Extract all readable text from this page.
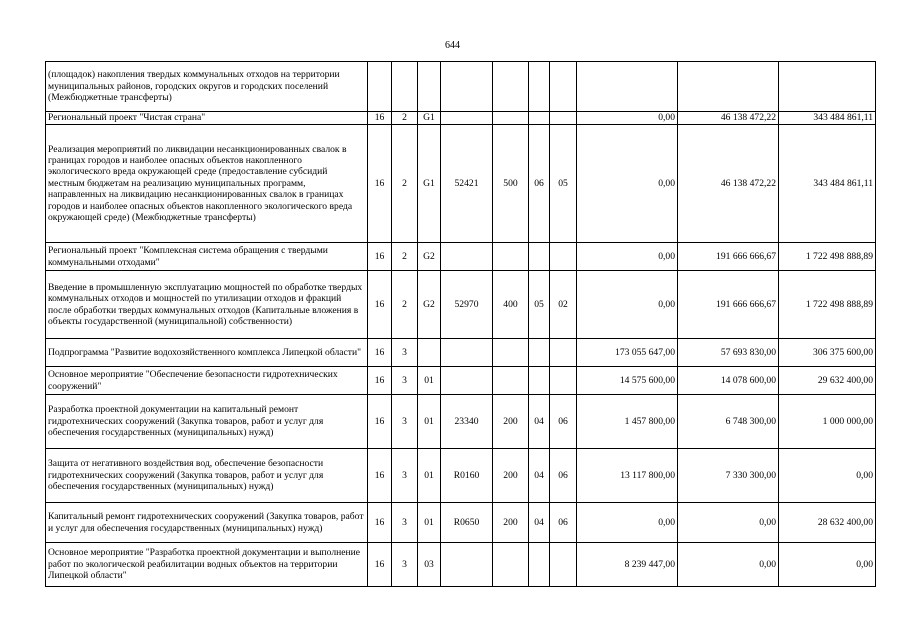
644
(площадок) накопления твердых коммунальных отходов на территории муниципальных районов, городских округов и городских поселений (Межбюджетные трансферты)										
Региональный проект "Чистая страна"	16	2	G1					0,00	46 138 472,22	343 484 861,11
Реализация мероприятий по ликвидации несанкционированных свалок в границах городов и наиболее опасных объектов накопленного экологического вреда окружающей среде (предоставление субсидий местным бюджетам на реализацию муниципальных программ, направленных на ликвидацию несанкционированных свалок в границах городов и наиболее опасных объектов накопленного экологического вреда окружающей среде) (Межбюджетные трансферты)	16	2	G1	52421	500	06	05	0,00	46 138 472,22	343 484 861,11
Региональный проект "Комплексная система обращения с твердыми коммунальными отходами"	16	2	G2					0,00	191 666 666,67	1 722 498 888,89
Введение в промышленную эксплуатацию мощностей по обработке твердых коммунальных отходов и мощностей по утилизации отходов и фракций после обработки твердых коммунальных отходов (Капитальные вложения в объекты государственной (муниципальной) собственности)	16	2	G2	52970	400	05	02	0,00	191 666 666,67	1 722 498 888,89
Подпрограмма "Развитие водохозяйственного комплекса Липецкой области"	16	3						173 055 647,00	57 693 830,00	306 375 600,00
Основное мероприятие "Обеспечение безопасности гидротехнических сооружений"	16	3	01					14 575 600,00	14 078 600,00	29 632 400,00
Разработка проектной документации на капитальный ремонт гидротехнических сооружений (Закупка товаров, работ и услуг для обеспечения государственных (муниципальных) нужд)	16	3	01	23340	200	04	06	1 457 800,00	6 748 300,00	1 000 000,00
Защита от негативного воздействия вод, обеспечение безопасности гидротехнических сооружений (Закупка товаров, работ и услуг для обеспечения государственных (муниципальных) нужд)	16	3	01	R0160	200	04	06	13 117 800,00	7 330 300,00	0,00
Капитальный ремонт гидротехнических сооружений (Закупка товаров, работ и услуг для обеспечения государственных (муниципальных) нужд)	16	3	01	R0650	200	04	06	0,00	0,00	28 632 400,00
Основное мероприятие "Разработка проектной документации и выполнение работ по экологической реабилитации водных объектов на территории Липецкой области"	16	3	03					8 239 447,00	0,00	0,00
